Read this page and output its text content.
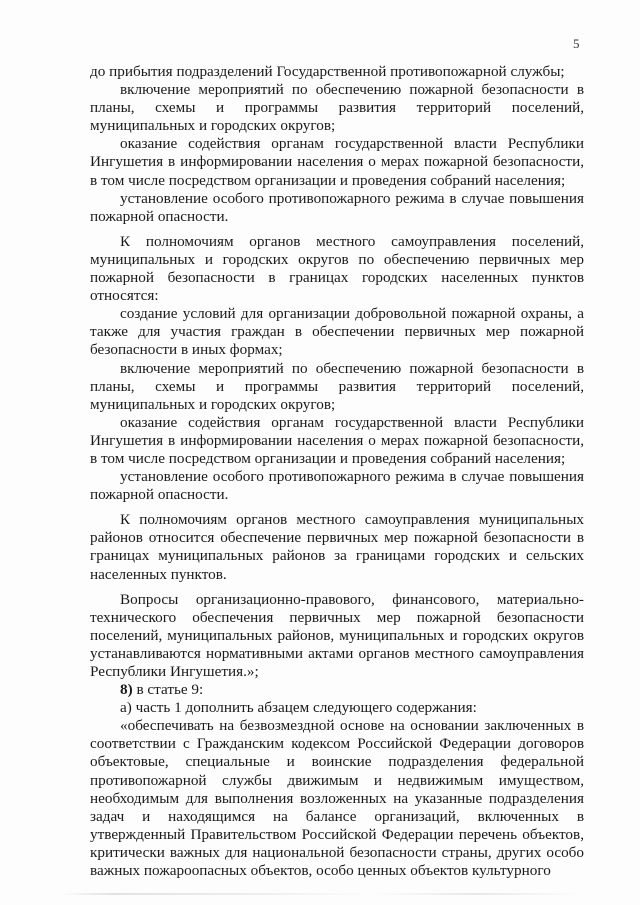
5

до прибытия подразделений Государственной противопожарной службы;

включение мероприятий по обеспечению пожарной безопасности в планы, схемы и программы развития территорий поселений, муниципальных и городских округов;

оказание содействия органам государственной власти Республики Ингушетия в информировании населения о мерах пожарной безопасности, в том числе посредством организации и проведения собраний населения;

установление особого противопожарного режима в случае повышения пожарной опасности.

К полномочиям органов местного самоуправления поселений, муниципальных и городских округов по обеспечению первичных мер пожарной безопасности в границах городских населенных пунктов относятся:

создание условий для организации добровольной пожарной охраны, а также для участия граждан в обеспечении первичных мер пожарной безопасности в иных формах;

включение мероприятий по обеспечению пожарной безопасности в планы, схемы и программы развития территорий поселений, муниципальных и городских округов;

оказание содействия органам государственной власти Республики Ингушетия в информировании населения о мерах пожарной безопасности, в том числе посредством организации и проведения собраний населения;

установление особого противопожарного режима в случае повышения пожарной опасности.

К полномочиям органов местного самоуправления муниципальных районов относится обеспечение первичных мер пожарной безопасности в границах муниципальных районов за границами городских и сельских населенных пунктов.

Вопросы организационно-правового, финансового, материально-технического обеспечения первичных мер пожарной безопасности поселений, муниципальных районов, муниципальных и городских округов устанавливаются нормативными актами органов местного самоуправления Республики Ингушетия.»;

8) в статье 9:

а) часть 1 дополнить абзацем следующего содержания:

«обеспечивать на безвозмездной основе на основании заключенных в соответствии с Гражданским кодексом Российской Федерации договоров объектовые, специальные и воинские подразделения федеральной противопожарной службы движимым и недвижимым имуществом, необходимым для выполнения возложенных на указанные подразделения задач и находящимся на балансе организаций, включенных в утвержденный Правительством Российской Федерации перечень объектов, критически важных для национальной безопасности страны, других особо важных пожароопасных объектов, особо ценных объектов культурного
